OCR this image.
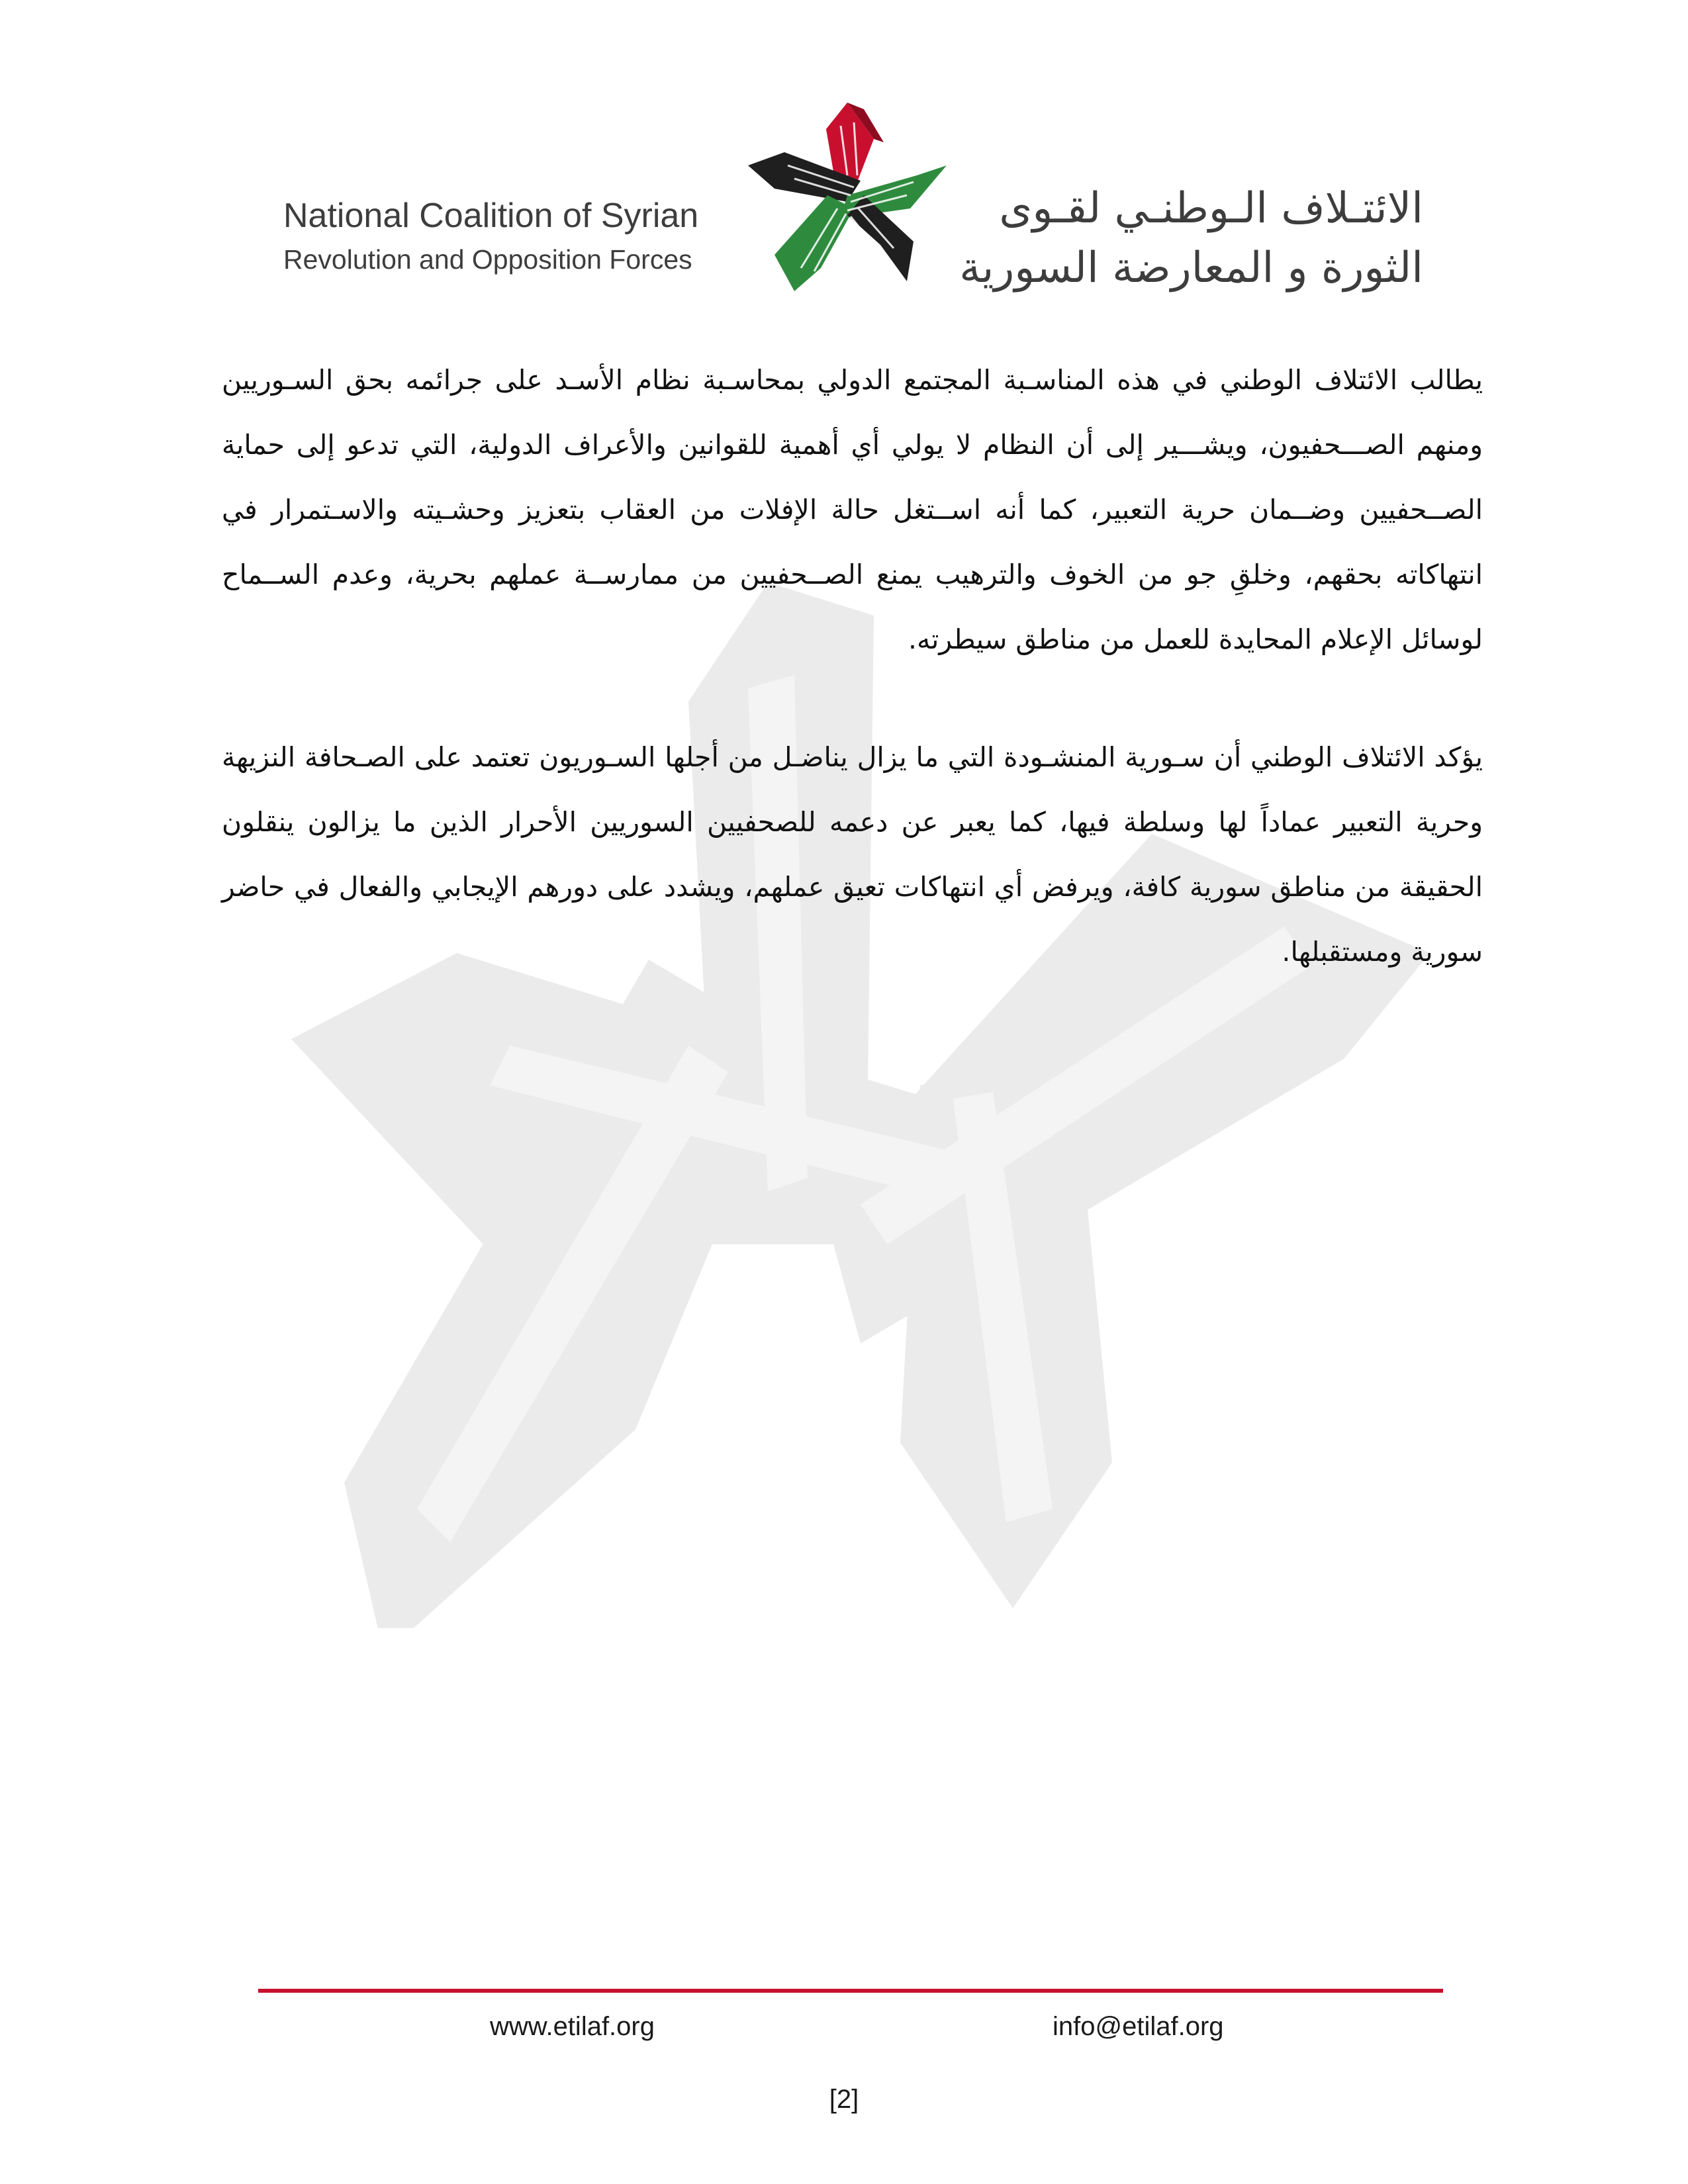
National Coalition of Syrian
Revolution and Opposition Forces
الائتـلاف الـوطنـي لقـوى
الثورة و المعارضة السورية

يطالب الائتلاف الوطني في هذه المناسـبة المجتمع الدولي بمحاسـبة نظام الأسـد على جرائمه بحق السـوريين ومنهم الصـــحفيون، ويشـــير إلى أن النظام لا يولي أي أهمية للقوانين والأعراف الدولية، التي تدعو إلى حماية الصــحفيين وضــمان حرية التعبير، كما أنه اســتغل حالة الإفلات من العقاب بتعزيز وحشـيته والاسـتمرار في انتهاكاته بحقهم، وخلقِ جو من الخوف والترهيب يمنع الصــحفيين من ممارســة عملهم بحرية، وعدم الســماح لوسائل الإعلام المحايدة للعمل من مناطق سيطرته.

يؤكد الائتلاف الوطني أن سـورية المنشـودة التي ما يزال يناضـل من أجلها السـوريون تعتمد على الصـحافة النزيهة وحرية التعبير عماداً لها وسلطة فيها، كما يعبر عن دعمه للصحفيين السوريين الأحرار الذين ما يزالون ينقلون الحقيقة من مناطق سورية كافة، ويرفض أي انتهاكات تعيق عملهم، ويشدد على دورهم الإيجابي والفعال في حاضر سورية ومستقبلها.

www.etilaf.org	info@etilaf.org
[2]
